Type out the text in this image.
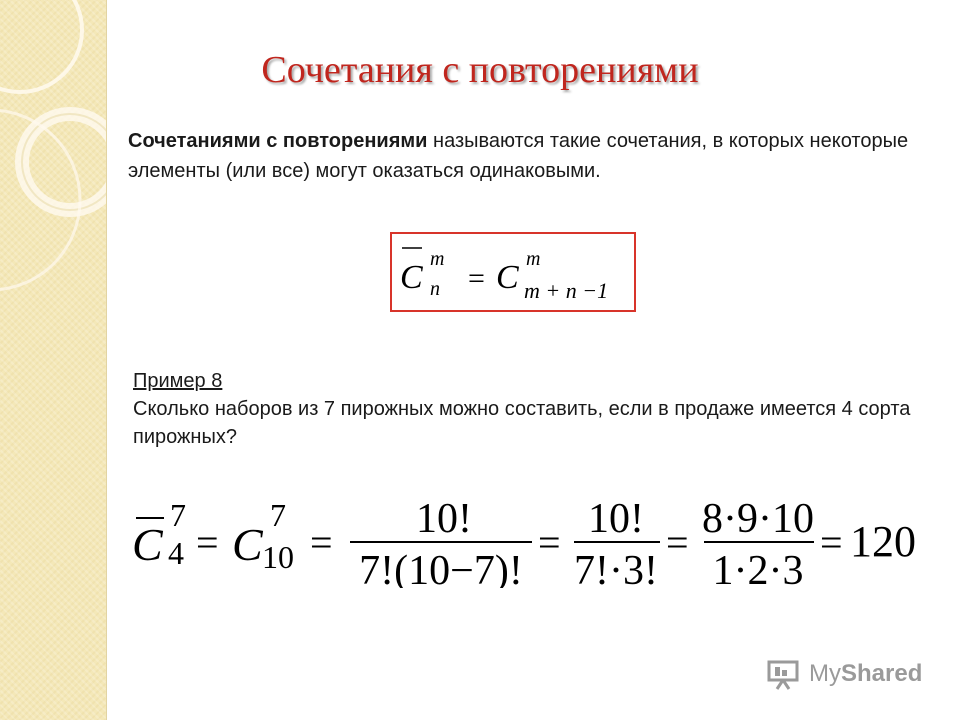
Сочетания с повторениями
Сочетаниями с повторениями называются такие сочетания, в которых некоторые элементы (или все) могут оказаться одинаковыми.
C m
n = C m
m + n −1
Пример 8
Сколько наборов из 7 пирожных можно составить, если в продаже имеется 4 сорта пирожных?
C
7
4 = C
7
10 =
10!
7!(10−7)!
=
10!
7!·3!
=
8·9·10
1·2·3
= 120
MyShared
